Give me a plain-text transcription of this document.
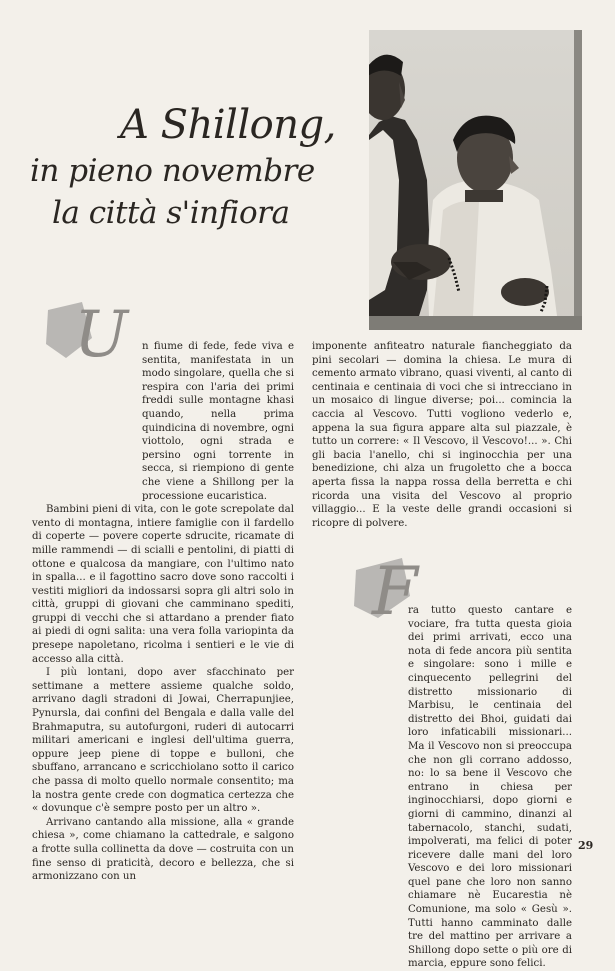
A Shillong,
in pieno novembre
la città s'infiora
U
F

n fiume di fede, fede viva e sentita, manifestata in un modo singolare, quella che si respira con l'aria dei primi freddi sulle montagne khasi quando, nella prima quindicina di novembre, ogni viottolo, ogni strada e persino ogni torrente in secca, si riempiono di gente che viene a Shillong per la processione eucaristica.

Bambini pieni di vita, con le gote screpolate dal vento di montagna, intiere famiglie con il fardello di coperte — povere coperte sdrucite, ricamate di mille rammendi — di scialli e pentolini, di piatti di ottone e qualcosa da mangiare, con l'ultimo nato in spalla... e il fagottino sacro dove sono raccolti i vestiti migliori da indossarsi sopra gli altri solo in città, gruppi di giovani che camminano spediti, gruppi di vecchi che si attardano a prender fiato ai piedi di ogni salita: una vera folla variopinta da presepe napoletano, ricolma i sentieri e le vie di accesso alla città.

I più lontani, dopo aver sfacchinato per settimane a mettere assieme qualche soldo, arrivano dagli stradoni di Jowai, Cherrapunjiee, Pynursla, dai confini del Bengala e dalla valle del Brahmaputra, su autofurgoni, ruderi di autocarri militari americani e inglesi dell'ultima guerra, oppure jeep piene di toppe e bulloni, che sbuffano, arrancano e scricchiolano sotto il carico che passa di molto quello normale consentito; ma la nostra gente crede con dogmatica certezza che « dovunque c'è sempre posto per un altro ».

Arrivano cantando alla missione, alla « grande chiesa », come chiamano la cattedrale, e salgono a frotte sulla collinetta da dove — costruita con un fine senso di praticità, decoro e bellezza, che si armonizzano con un

imponente anfiteatro naturale fiancheggiato da pini secolari — domina la chiesa. Le mura di cemento armato vibrano, quasi viventi, al canto di centinaia e centinaia di voci che si intrecciano in un mosaico di lingue diverse; poi... comincia la caccia al Vescovo. Tutti vogliono vederlo e, appena la sua figura appare alta sul piazzale, è tutto un correre: « Il Vescovo, il Vescovo!... ». Chi gli bacia l'anello, chi si inginocchia per una benedizione, chi alza un frugoletto che a bocca aperta fissa la nappa rossa della berretta e chi ricorda una visita del Vescovo al proprio villaggio... E la veste delle grandi occasioni si ricopre di polvere.

ra tutto questo cantare e vociare, fra tutta questa gioia dei primi arrivati, ecco una nota di fede ancora più sentita e singolare: sono i mille e cinquecento pellegrini del distretto missionario di Marbisu, le centinaia del distretto dei Bhoi, guidati dai loro infaticabili missionari... Ma il Vescovo non si preoccupa che non gli corrano addosso, no: lo sa bene il Vescovo che entrano in chiesa per inginocchiarsi, dopo giorni e giorni di cammino, dinanzi al tabernacolo, stanchi, sudati, impolverati, ma felici di poter ricevere dalle mani del loro Vescovo e dei loro missionari quel pane che loro non sanno chiamare nè Eucarestia nè Comunione, ma solo « Gesù ». Tutti hanno camminato dalle tre del mattino per arrivare a Shillong dopo sette o più ore di marcia, eppure sono felici.

29
